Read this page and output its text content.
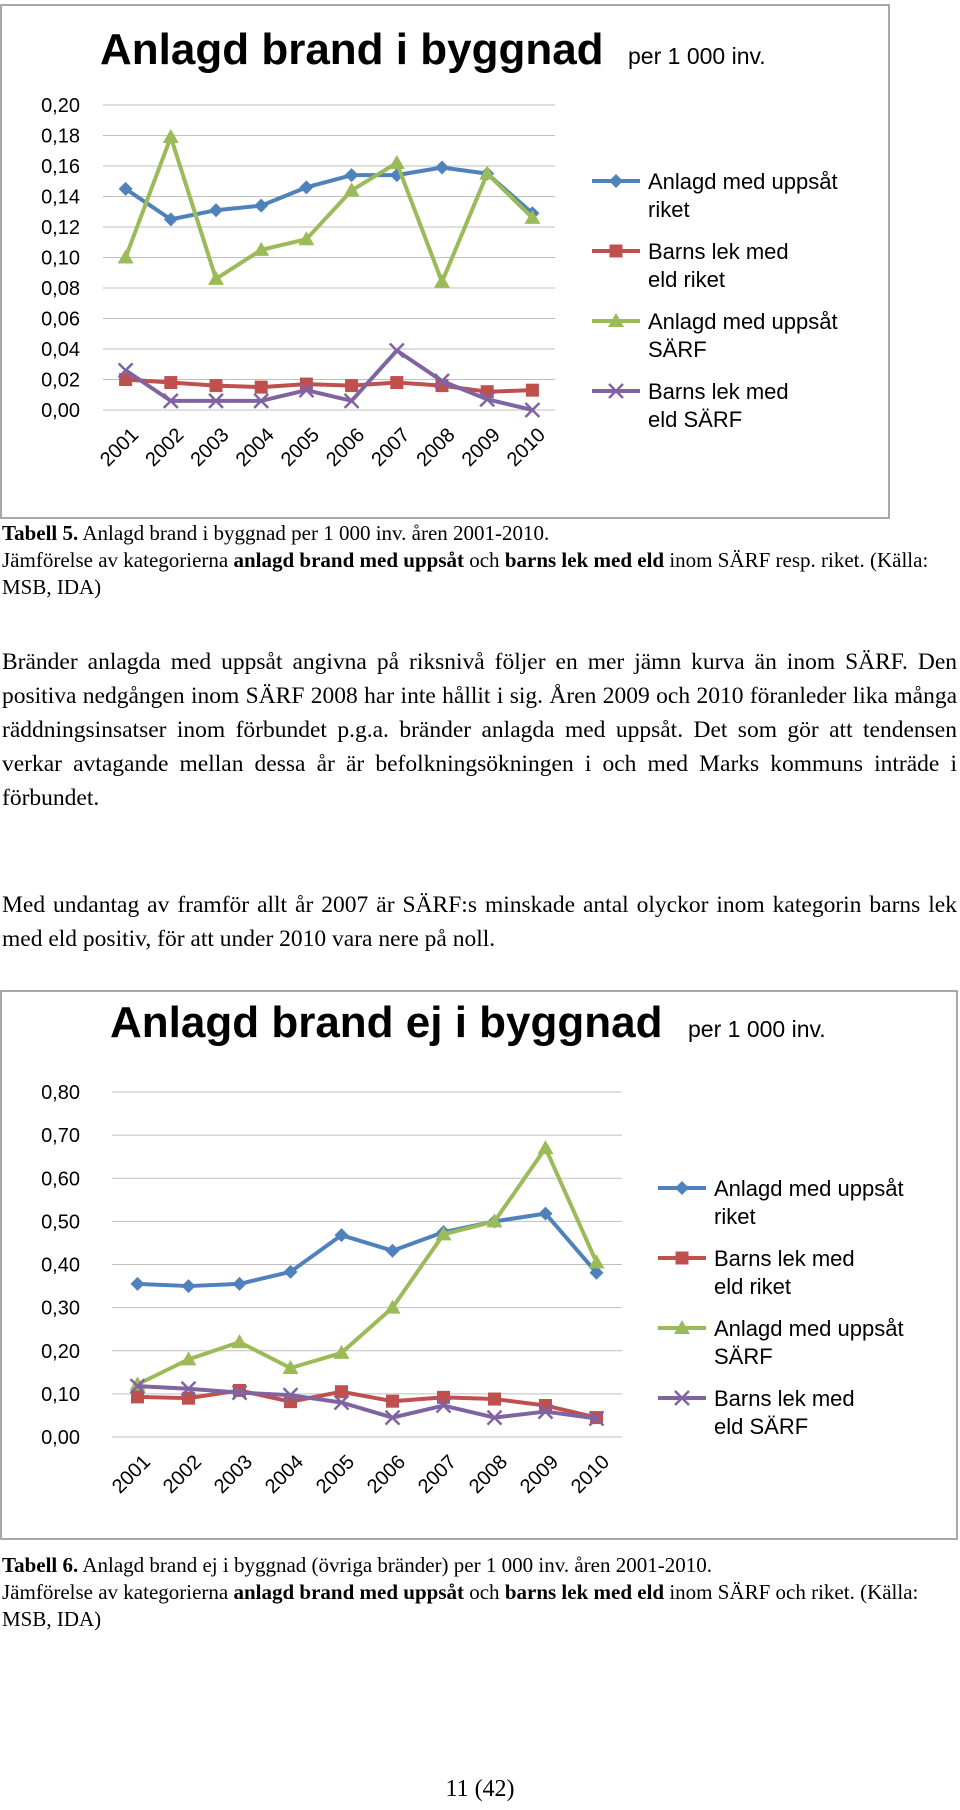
Anlagd brand i byggnad per 1 000 inv.
0,00
0,02
0,04
0,06
0,08
0,10
0,12
0,14
0,16
0,18
0,20
2001
2002
2003
2004
2005
2006
2007
2008
2009
2010
Anlagd med uppsåt
riket
Barns lek med
eld riket
Anlagd med uppsåt
SÄRF
Barns lek med
eld SÄRF
Tabell 5. Anlagd brand i byggnad per 1 000 inv. åren 2001-2010.
Jämförelse av kategorierna anlagd brand med uppsåt och barns lek med eld inom SÄRF resp. riket. (Källa: MSB, IDA)
Bränder anlagda med uppsåt angivna på riksnivå följer en mer jämn kurva än inom SÄRF. Den positiva nedgången inom SÄRF 2008 har inte hållit i sig. Åren 2009 och 2010 föranleder lika många räddningsinsatser inom förbundet p.g.a. bränder anlagda med uppsåt. Det som gör att tendensen verkar avtagande mellan dessa år är befolkningsökningen i och med Marks kommuns inträde i förbundet.
Med undantag av framför allt år 2007 är SÄRF:s minskade antal olyckor inom kategorin barns lek med eld positiv, för att under 2010 vara nere på noll.
Anlagd brand ej i byggnad per 1 000 inv.
0,00
0,10
0,20
0,30
0,40
0,50
0,60
0,70
0,80
2001 2002 2003 2004 2005 2006 2007 2008 2009 2010
Anlagd med uppsåt
riket
Barns lek med
eld riket
Anlagd med uppsåt
SÄRF
Barns lek med
eld SÄRF
Tabell 6. Anlagd brand ej i byggnad (övriga bränder) per 1 000 inv. åren 2001-2010.
Jämförelse av kategorierna anlagd brand med uppsåt och barns lek med eld inom SÄRF och riket. (Källa: MSB, IDA)
11 (42)
